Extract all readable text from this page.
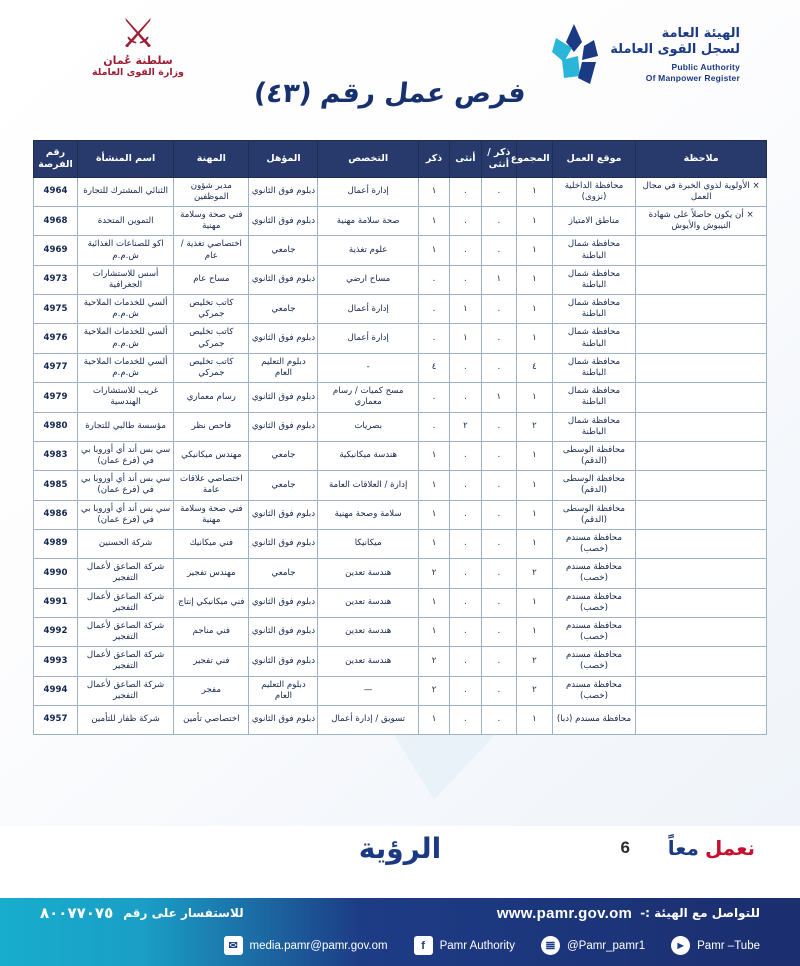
الهيئة العامة
لسجل القوى العاملة
Public Authority
Of Manpower Register
⚔
سلطنة عُمان
وزارة القوى العاملة
فرص عمل رقم (٤٣)
ملاحظة	موقع العمل	المجموع	ذكر / أنثى	أنثى	ذكر	التخصص	المؤهل	المهنة	اسم المنشأة	رقم الفرصة
× الأولوية لذوي الخبرة في مجال العمل	محافظة الداخلية (نزوى)	١	.	.	١	إدارة أعمال	دبلوم فوق الثانوي	مدير شؤون الموظفين	الثنائي المشترك للتجارة	4964
× أن يكون حاصلاً على شهادة النيبوش والأيوش	مناطق الامتياز	١	.	.	١	صحة سلامة مهنية	دبلوم فوق الثانوي	فني صحة وسلامة مهنية	التموين المتحدة	4968
	محافظة شمال الباطنة	١	.	.	١	علوم تغذية	جامعي	اختصاصي تغذية / عام	اكو للصناعات الغذائية ش.م.م	4969
	محافظة شمال الباطنة	١	١	.	.	مساح ارضي	دبلوم فوق الثانوي	مساح عام	أسس للاستشارات الجغرافية	4973
	محافظة شمال الباطنة	١	.	١	.	إدارة أعمال	جامعي	كاتب تخليص جمركي	ألسي للخدمات الملاحية ش.م.م	4975
	محافظة شمال الباطنة	١	.	١	.	إدارة أعمال	دبلوم فوق الثانوي	كاتب تخليص جمركي	ألسي للخدمات الملاحية ش.م.م	4976
	محافظة شمال الباطنة	٤	.	.	٤	-	دبلوم التعليم العام	كاتب تخليص جمركي	ألسي للخدمات الملاحية ش.م.م	4977
	محافظة شمال الباطنة	١	١	.	.	مسح كميات / رسام معماري	دبلوم فوق الثانوي	رسام معماري	غريب للاستشارات الهندسية	4979
	محافظة شمال الباطنة	٢	.	٢	.	بصريات	دبلوم فوق الثانوي	فاحص نظر	مؤسسة طالبي للتجارة	4980
	محافظة الوسطى (الدقم)	١	.	.	١	هندسة ميكانيكية	جامعي	مهندس ميكانيكي	سي بس أند أي أوروبا بي في (فرع عمان)	4983
	محافظة الوسطى (الدقم)	١	.	.	١	إدارة / العلاقات العامة	جامعي	اختصاصي علاقات عامة	سي بس أند أي أوروبا بي في (فرع عمان)	4985
	محافظة الوسطى (الدقم)	١	.	.	١	سلامة وصحة مهنية	دبلوم فوق الثانوي	فني صحة وسلامة مهنية	سي بس أند أي أوروبا بي في (فرع عمان)	4986
	محافظة مسندم (خصب)	١	.	.	١	ميكانيكا	دبلوم فوق الثانوي	فني ميكانيك	شركة الحسنين	4989
	محافظة مسندم (خصب)	٢	.	.	٢	هندسة تعدين	جامعي	مهندس تفجير	شركة الصاعق لأعمال التفجير	4990
	محافظة مسندم (خصب)	١	.	.	١	هندسة تعدين	دبلوم فوق الثانوي	فني ميكانيكي إنتاج	شركة الصاعق لأعمال التفجير	4991
	محافظة مسندم (خصب)	١	.	.	١	هندسة تعدين	دبلوم فوق الثانوي	فني مناجم	شركة الصاعق لأعمال التفجير	4992
	محافظة مسندم (خصب)	٢	.	.	٢	هندسة تعدين	دبلوم فوق الثانوي	فني تفجير	شركة الصاعق لأعمال التفجير	4993
	محافظة مسندم (خصب)	٢	.	.	٢	—	دبلوم التعليم العام	مفجر	شركة الصاعق لأعمال التفجير	4994
	محافظة مسندم (دبا)	١	.	.	١	تسويق / إدارة أعمال	دبلوم فوق الثانوي	اختصاصي تأمين	شركة ظفار للتأمين	4957
نعمل
معاً
6
الرؤية
للتواصل مع الهيئة :-
www.pamr.gov.om
للاستفسار على رقم
٨٠٠٧٧٠٧٥
► Pamr –Tube
𝌆	@Pamr_pamr1
f	Pamr Authority
✉	media.pamr@pamr.gov.om
